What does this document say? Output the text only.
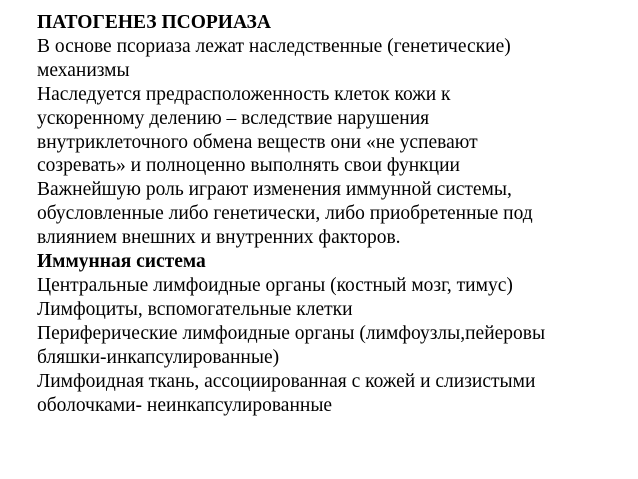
ПАТОГЕНЕЗ ПСОРИАЗА
В основе псориаза лежат наследственные (генетические)
механизмы
Наследуется предрасположенность клеток кожи к
ускоренному делению – вследствие нарушения
внутриклеточного обмена веществ они «не успевают
созревать» и полноценно выполнять свои функции
Важнейшую роль играют изменения иммунной системы,
обусловленные либо генетически, либо приобретенные под
влиянием внешних и внутренних факторов.
Иммунная система
Центральные лимфоидные органы (костный мозг, тимус)
Лимфоциты, вспомогательные клетки
Периферические лимфоидные органы (лимфоузлы,пейеровы
бляшки-инкапсулированные)
Лимфоидная ткань, ассоциированная с кожей и слизистыми
оболочками- неинкапсулированные
